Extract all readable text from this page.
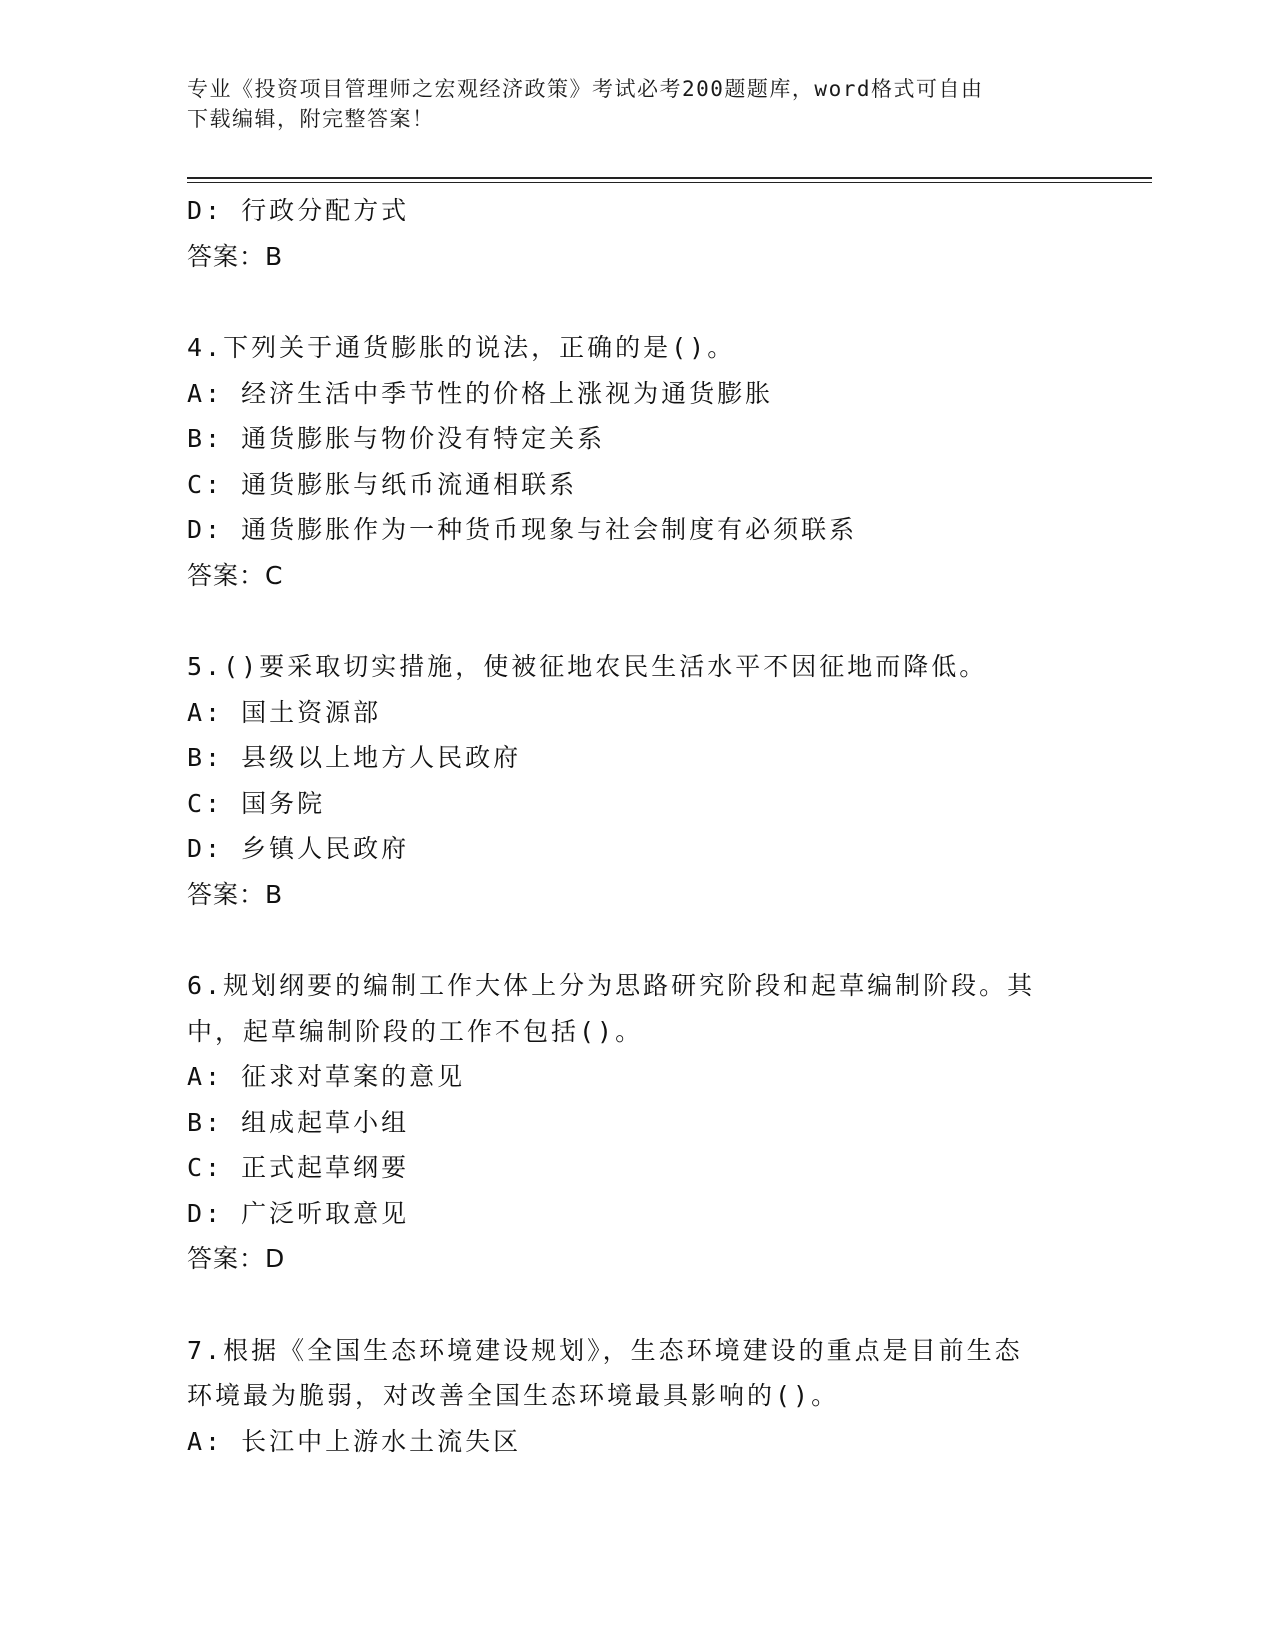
专业《投资项目管理师之宏观经济政策》考试必考200题题库，word格式可自由
下载编辑，附完整答案！
D: 行政分配方式
答案：B
4.下列关于通货膨胀的说法，正确的是()。
A: 经济生活中季节性的价格上涨视为通货膨胀
B: 通货膨胀与物价没有特定关系
C: 通货膨胀与纸币流通相联系
D: 通货膨胀作为一种货币现象与社会制度有必须联系
答案：C
5.()要采取切实措施，使被征地农民生活水平不因征地而降低。
A: 国土资源部
B: 县级以上地方人民政府
C: 国务院
D: 乡镇人民政府
答案：B
6.规划纲要的编制工作大体上分为思路研究阶段和起草编制阶段。其
中，起草编制阶段的工作不包括()。
A: 征求对草案的意见
B: 组成起草小组
C: 正式起草纲要
D: 广泛听取意见
答案：D
7.根据《全国生态环境建设规划》，生态环境建设的重点是目前生态
环境最为脆弱，对改善全国生态环境最具影响的()。
A: 长江中上游水土流失区
